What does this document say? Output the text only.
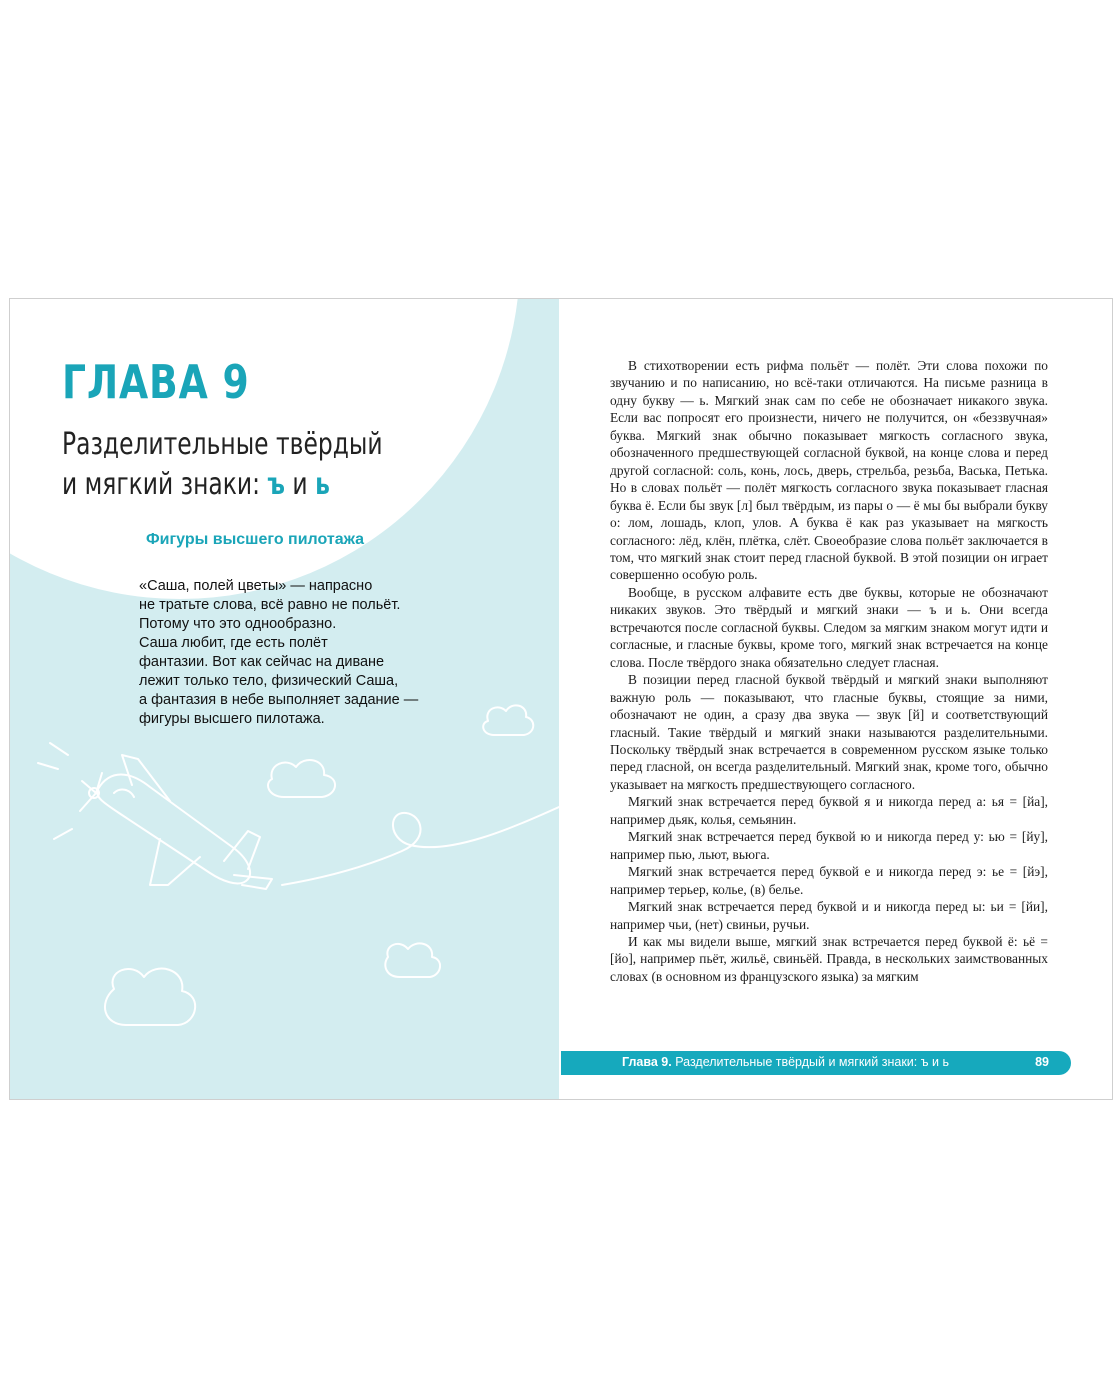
ГЛАВА 9
Разделительные твёрдый
и мягкий знаки: ъ и ь
Фигуры высшего пилотажа

«Саша, полей цветы» — напрасно

не тратьте слова, всё равно не польёт.

Потому что это однообразно.

Саша любит, где есть полёт

фантазии. Вот как сейчас на диване

лежит только тело, физический Саша,

а фантазия в небе выполняет задание —

фигуры высшего пилотажа.

В стихотворении есть рифма польёт — полёт. Эти слова похожи по звучанию и по написанию, но всё-таки отличаются. На письме разница в одну букву — ь. Мягкий знак сам по себе не обозначает никакого звука. Если вас попросят его произнести, ничего не получится, он «беззвучная» буква. Мягкий знак обычно показывает мягкость согласного звука, обозначенного предшествующей согласной буквой, на конце слова и перед другой согласной: соль, конь, лось, дверь, стрельба, резьба, Васька, Петька. Но в словах польёт — полёт мягкость согласного звука показывает гласная буква ё. Если бы звук [л] был твёрдым, из пары о — ё мы бы выбрали букву о: лом, лошадь, клоп, улов. А буква ё как раз указывает на мягкость согласного: лёд, клён, плётка, слёт. Своеобразие слова польёт заключается в том, что мягкий знак стоит перед гласной буквой. В этой позиции он играет совершенно особую роль.

Вообще, в русском алфавите есть две буквы, которые не обозначают никаких звуков. Это твёрдый и мягкий знаки — ъ и ь. Они всегда встречаются после согласной буквы. Следом за мягким знаком могут идти и согласные, и гласные буквы, кроме того, мягкий знак встречается на конце слова. После твёрдого знака обязательно следует гласная.

В позиции перед гласной буквой твёрдый и мягкий знаки выполняют важную роль — показывают, что гласные буквы, стоящие за ними, обозначают не один, а сразу два звука — звук [й] и соответствующий гласный. Такие твёрдый и мягкий знаки называются разделительными. Поскольку твёрдый знак встречается в современном русском языке только перед гласной, он всегда разделительный. Мягкий знак, кроме того, обычно указывает на мягкость предшествующего согласного.

Мягкий знак встречается перед буквой я и никогда перед а: ья = [йа], например дьяк, колья, семьянин.

Мягкий знак встречается перед буквой ю и никогда перед у: ью = [йу], например пью, льют, вьюга.

Мягкий знак встречается перед буквой е и никогда перед э: ье = [йэ], например терьер, колье, (в) белье.

Мягкий знак встречается перед буквой и и никогда перед ы: ьи = [йи], например чьи, (нет) свиньи, ручьи.

И как мы видели выше, мягкий знак встречается перед буквой ё: ьё = [йо], например пьёт, жильё, свиньёй. Правда, в нескольких заимствованных словах (в основном из французского языка) за мягким

Глава 9. Разделительные твёрдый и мягкий знаки: ъ и ь	89
